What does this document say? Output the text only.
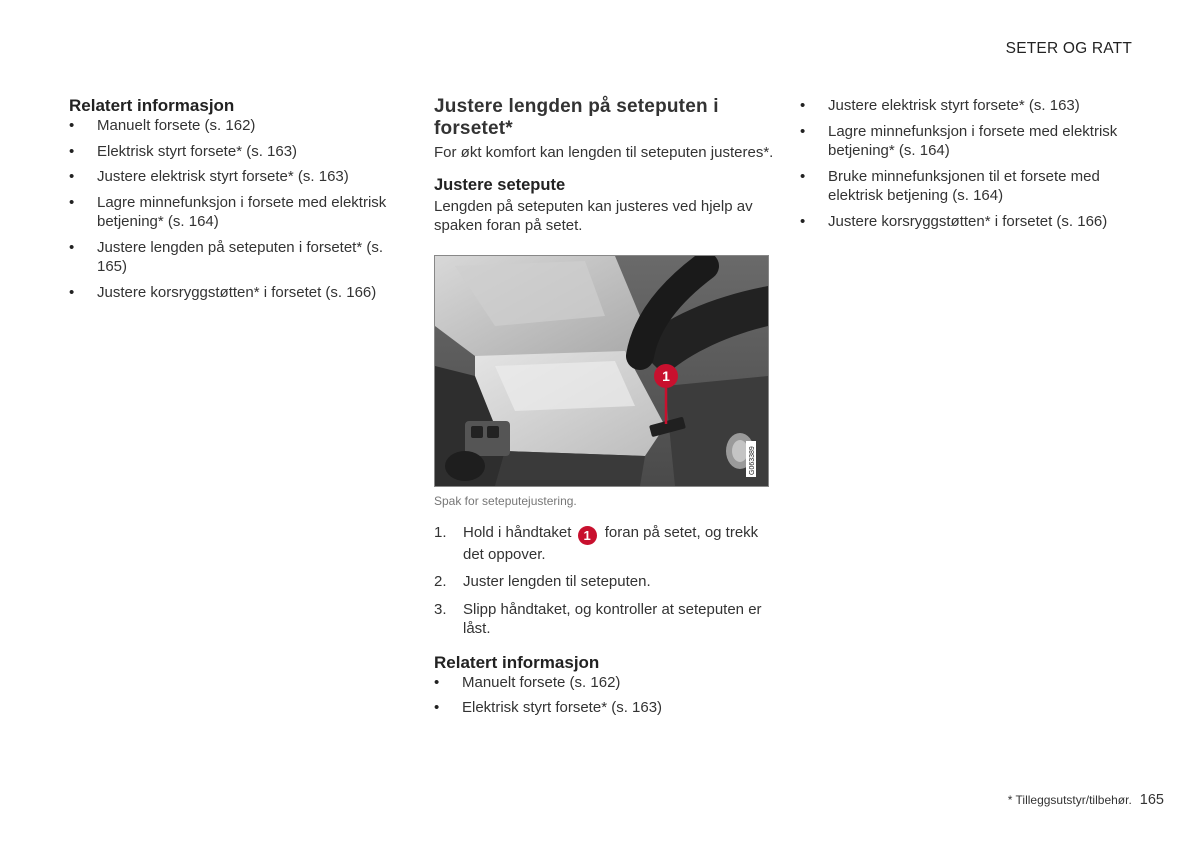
SETER OG RATT
Relatert informasjon
• Manuelt forsete (s. 162)
• Elektrisk styrt forsete* (s. 163)
• Justere elektrisk styrt forsete* (s. 163)
• Lagre minnefunksjon i forsete med elektrisk betjening* (s. 164)
• Justere lengden på seteputen i forsetet* (s. 165)
• Justere korsryggstøtten* i forsetet (s. 166)
Justere lengden på seteputen i forsetet*

For økt komfort kan lengden til seteputen justeres*.

Justere setepute

Lengden på seteputen kan justeres ved hjelp av spaken foran på setet.

1
G063389
Spak for seteputejustering.
1. Hold i håndtaket 1 foran på setet, og trekk det oppover.
2. Juster lengden til seteputen.
3. Slipp håndtaket, og kontroller at seteputen er låst.
Relatert informasjon
• Manuelt forsete (s. 162)
• Elektrisk styrt forsete* (s. 163)
• Justere elektrisk styrt forsete* (s. 163)
• Lagre minnefunksjon i forsete med elektrisk betjening* (s. 164)
• Bruke minnefunksjonen til et forsete med elektrisk betjening (s. 164)
• Justere korsryggstøtten* i forsetet (s. 166)
* Tilleggsutstyr/tilbehør. 165
